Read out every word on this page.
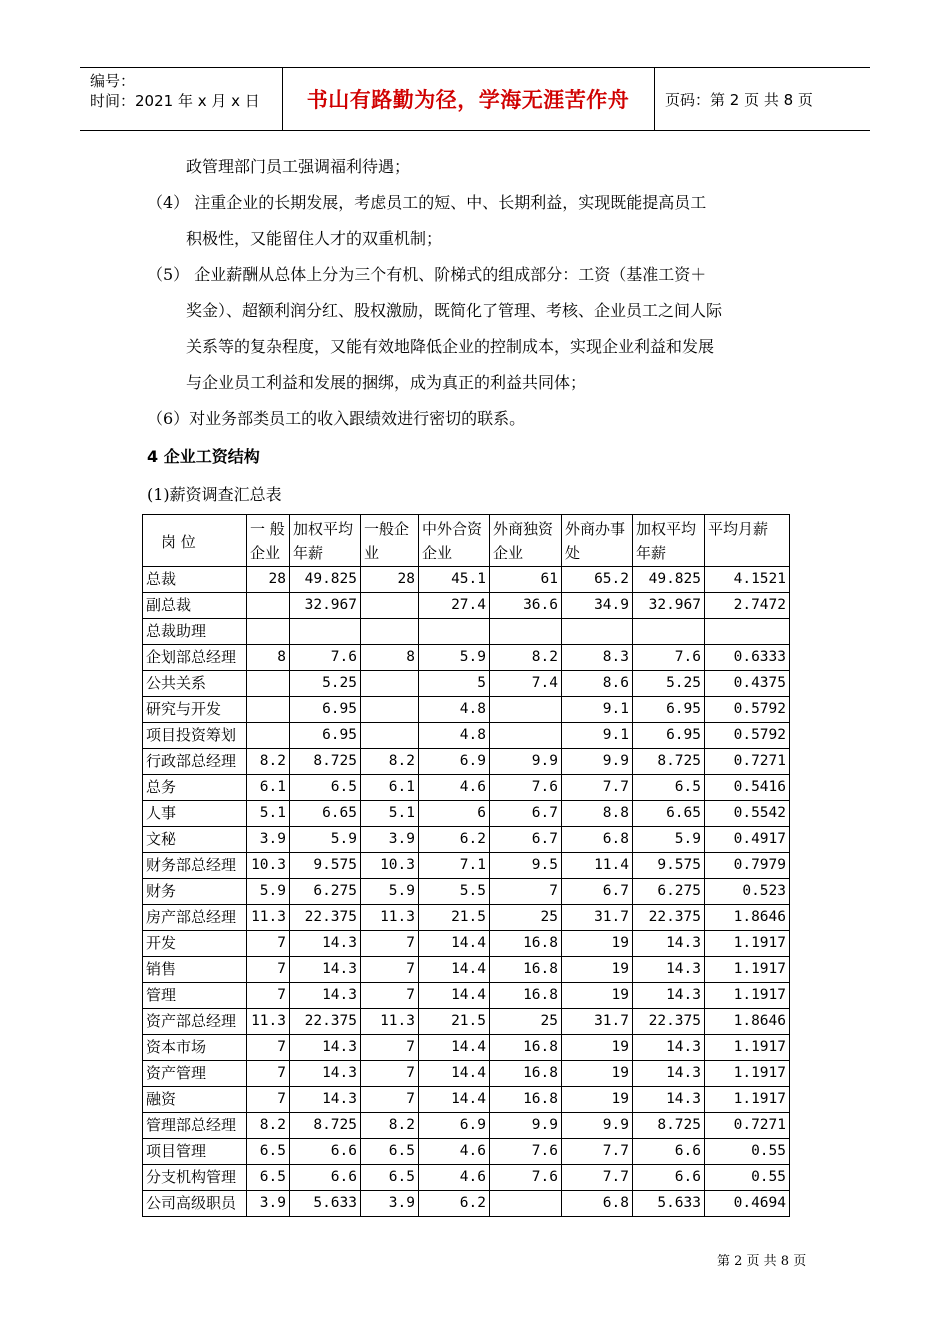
编号：
时间：2021 年 x 月 x 日	书山有路勤为径，学海无涯苦作舟 页码：第 2 页 共 8 页
政管理部门员工强调福利待遇；
（4） 注重企业的长期发展，考虑员工的短、中、长期利益，实现既能提高员工
积极性，又能留住人才的双重机制；
（5） 企业薪酬从总体上分为三个有机、阶梯式的组成部分：工资（基准工资＋
奖金）、超额利润分红、股权激励，既简化了管理、考核、企业员工之间人际
关系等的复杂程度，又能有效地降低企业的控制成本，实现企业利益和发展
与企业员工利益和发展的捆绑，成为真正的利益共同体；
（6）对业务部类员工的收入跟绩效进行密切的联系。
4 企业工资结构
(1)薪资调查汇总表
岗 位	一 般企业	加权平均年薪	一般企业	中外合资企业	外商独资企业	外商办事处	加权平均年薪	平均月薪
总裁	28	49.825	28	45.1	61	65.2	49.825	4.1521
副总裁		32.967		27.4	36.6	34.9	32.967	2.7472
总裁助理								
企划部总经理	8	7.6	8	5.9	8.2	8.3	7.6	0.6333
公共关系		5.25		5	7.4	8.6	5.25	0.4375
研究与开发		6.95		4.8		9.1	6.95	0.5792
项目投资筹划		6.95		4.8		9.1	6.95	0.5792
行政部总经理	8.2	8.725	8.2	6.9	9.9	9.9	8.725	0.7271
总务	6.1	6.5	6.1	4.6	7.6	7.7	6.5	0.5416
人事	5.1	6.65	5.1	6	6.7	8.8	6.65	0.5542
文秘	3.9	5.9	3.9	6.2	6.7	6.8	5.9	0.4917
财务部总经理	10.3	9.575	10.3	7.1	9.5	11.4	9.575	0.7979
财务	5.9	6.275	5.9	5.5	7	6.7	6.275	0.523
房产部总经理	11.3	22.375	11.3	21.5	25	31.7	22.375	1.8646
开发	7	14.3	7	14.4	16.8	19	14.3	1.1917
销售	7	14.3	7	14.4	16.8	19	14.3	1.1917
管理	7	14.3	7	14.4	16.8	19	14.3	1.1917
资产部总经理	11.3	22.375	11.3	21.5	25	31.7	22.375	1.8646
资本市场	7	14.3	7	14.4	16.8	19	14.3	1.1917
资产管理	7	14.3	7	14.4	16.8	19	14.3	1.1917
融资	7	14.3	7	14.4	16.8	19	14.3	1.1917
管理部总经理	8.2	8.725	8.2	6.9	9.9	9.9	8.725	0.7271
项目管理	6.5	6.6	6.5	4.6	7.6	7.7	6.6	0.55
分支机构管理	6.5	6.6	6.5	4.6	7.6	7.7	6.6	0.55
公司高级职员	3.9	5.633	3.9	6.2		6.8	5.633	0.4694
第 2 页 共 8 页
